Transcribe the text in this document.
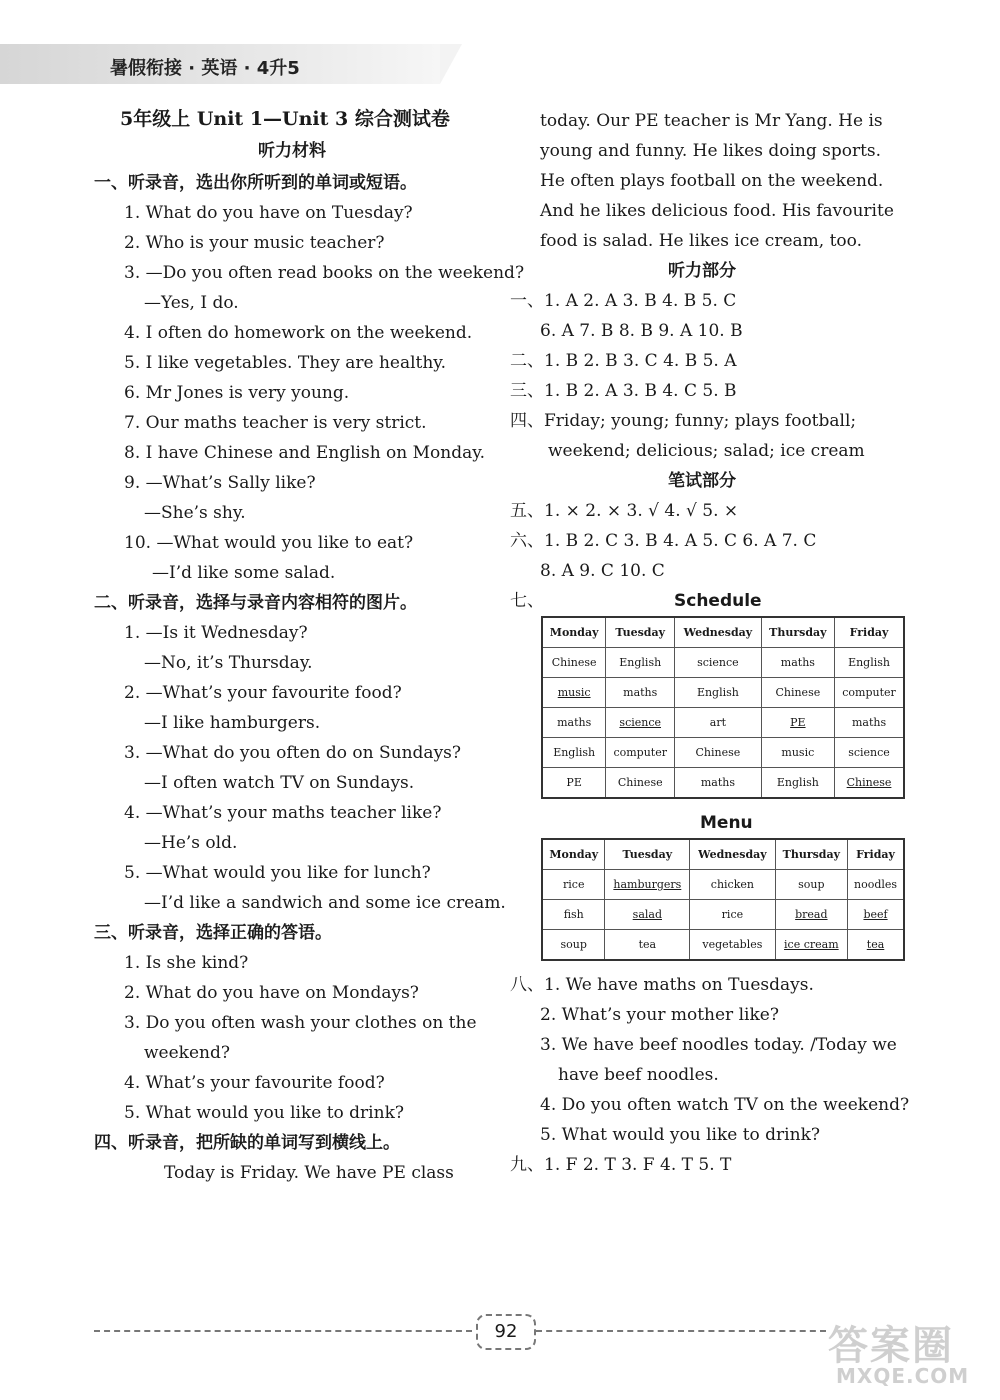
暑假衔接 · 英语 · 4升5
5年级上 Unit 1—Unit 3 综合测试卷
听力材料
一、听录音，选出你所听到的单词或短语。
1. What do you have on Tuesday?
2. Who is your music teacher?
3. —Do you often read books on the weekend?
—Yes, I do.
4. I often do homework on the weekend.
5. I like vegetables. They are healthy.
6. Mr Jones is very young.
7. Our maths teacher is very strict.
8. I have Chinese and English on Monday.
9. —What’s Sally like?
—She’s shy.
10. —What would you like to eat?
—I’d like some salad.
二、听录音，选择与录音内容相符的图片。
1. —Is it Wednesday?
—No, it’s Thursday.
2. —What’s your favourite food?
—I like hamburgers.
3. —What do you often do on Sundays?
—I often watch TV on Sundays.
4. —What’s your maths teacher like?
—He’s old.
5. —What would you like for lunch?
—I’d like a sandwich and some ice cream.
三、听录音，选择正确的答语。
1. Is she kind?
2. What do you have on Mondays?
3. Do you often wash your clothes on the
weekend?
4. What’s your favourite food?
5. What would you like to drink?
四、听录音，把所缺的单词写到横线上。
Today is Friday. We have PE class
today. Our PE teacher is Mr Yang. He is
young and funny. He likes doing sports.
He often plays football on the weekend.
And he likes delicious food. His favourite
food is salad. He likes ice cream, too.
听力部分
一、1. A 2. A 3. B 4. B 5. C
6. A 7. B 8. B 9. A 10. B
二、1. B 2. B 3. C 4. B 5. A
三、1. B 2. A 3. B 4. C 5. B
四、Friday; young; funny; plays football;
weekend; delicious; salad; ice cream
笔试部分
五、1. × 2. × 3. √ 4. √ 5. ×
六、1. B 2. C 3. B 4. A 5. C 6. A 7. C
8. A 9. C 10. C
七、	Schedule
Menu
八、1. We have maths on Tuesdays.
2. What’s your mother like?
3. We have beef noodles today. /Today we
have beef noodles.
4. Do you often watch TV on the weekend?
5. What would you like to drink?
九、1. F 2. T 3. F 4. T 5. T
Monday	Tuesday	Wednesday	Thursday	Friday
Chinese	English	science	maths	English
music	maths	English	Chinese	computer
maths	science	art	PE	maths
English	computer	Chinese	music	science
PE	Chinese	maths	English	Chinese
Monday	Tuesday	Wednesday	Thursday	Friday
rice	hamburgers	chicken	soup	noodles
fish	salad	rice	bread	beef
soup	tea	vegetables	ice cream	tea
92	答案圈
MXQE.COM
